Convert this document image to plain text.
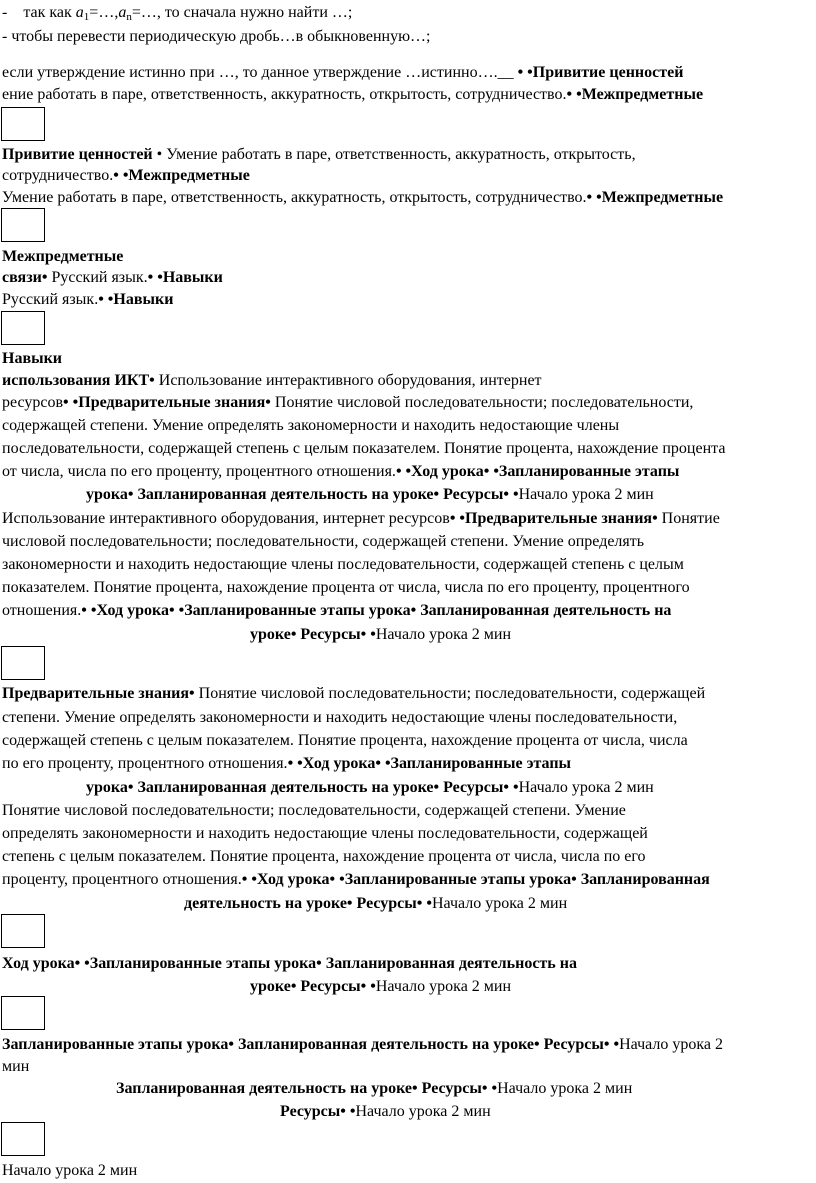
-    так как $a_1=\dots,a_n=\dots$, то сначала нужно найти …;
- чтобы перевести периодическую дробь…в обыкновенную…;
если утверждение истинно при …, то данное утверждение …истинно….__ • •Привитие ценностей
ение работать в паре, ответственность, аккуратность, открытость, сотрудничество.• •Межпредметные
Привитие ценностей • Умение работать в паре, ответственность, аккуратность, открытость,
сотрудничество.• •Межпредметные
Умение работать в паре, ответственность, аккуратность, открытость, сотрудничество.• •Межпредметные
Межпредметные
связи• Русский язык.• •Навыки
Русский язык.• •Навыки
Навыки
использования ИКТ• Использование интерактивного оборудования, интернет
ресурсов• •Предварительные знания• Понятие числовой последовательности; последовательности,
содержащей степени. Умение определять закономерности и находить недостающие члены
последовательности, содержащей степень с целым показателем. Понятие процента, нахождение процента
от числа, числа по его проценту, процентного отношения.• •Ход урока• •Запланированные этапы
урока• Запланированная деятельность на уроке• Ресурсы• •Начало урока 2 мин
Использование интерактивного оборудования, интернет ресурсов• •Предварительные знания• Понятие
числовой последовательности; последовательности, содержащей степени. Умение определять
закономерности и находить недостающие члены последовательности, содержащей степень с целым
показателем. Понятие процента, нахождение процента от числа, числа по его проценту, процентного
отношения.• •Ход урока• •Запланированные этапы урока• Запланированная деятельность на
уроке• Ресурсы• •Начало урока 2 мин
Предварительные знания• Понятие числовой последовательности; последовательности, содержащей
степени. Умение определять закономерности и находить недостающие члены последовательности,
содержащей степень с целым показателем. Понятие процента, нахождение процента от числа, числа
по его проценту, процентного отношения.• •Ход урока• •Запланированные этапы
урока• Запланированная деятельность на уроке• Ресурсы• •Начало урока 2 мин
Понятие числовой последовательности; последовательности, содержащей степени. Умение
определять закономерности и находить недостающие члены последовательности, содержащей
степень с целым показателем. Понятие процента, нахождение процента от числа, числа по его
проценту, процентного отношения.• •Ход урока• •Запланированные этапы урока• Запланированная
деятельность на уроке• Ресурсы• •Начало урока 2 мин
Ход урока• •Запланированные этапы урока• Запланированная деятельность на
уроке• Ресурсы• •Начало урока 2 мин
Запланированные этапы урока• Запланированная деятельность на уроке• Ресурсы• •Начало урока 2
мин
Запланированная деятельность на уроке• Ресурсы• •Начало урока 2 мин
Ресурсы• •Начало урока 2 мин
Начало урока 2 мин
